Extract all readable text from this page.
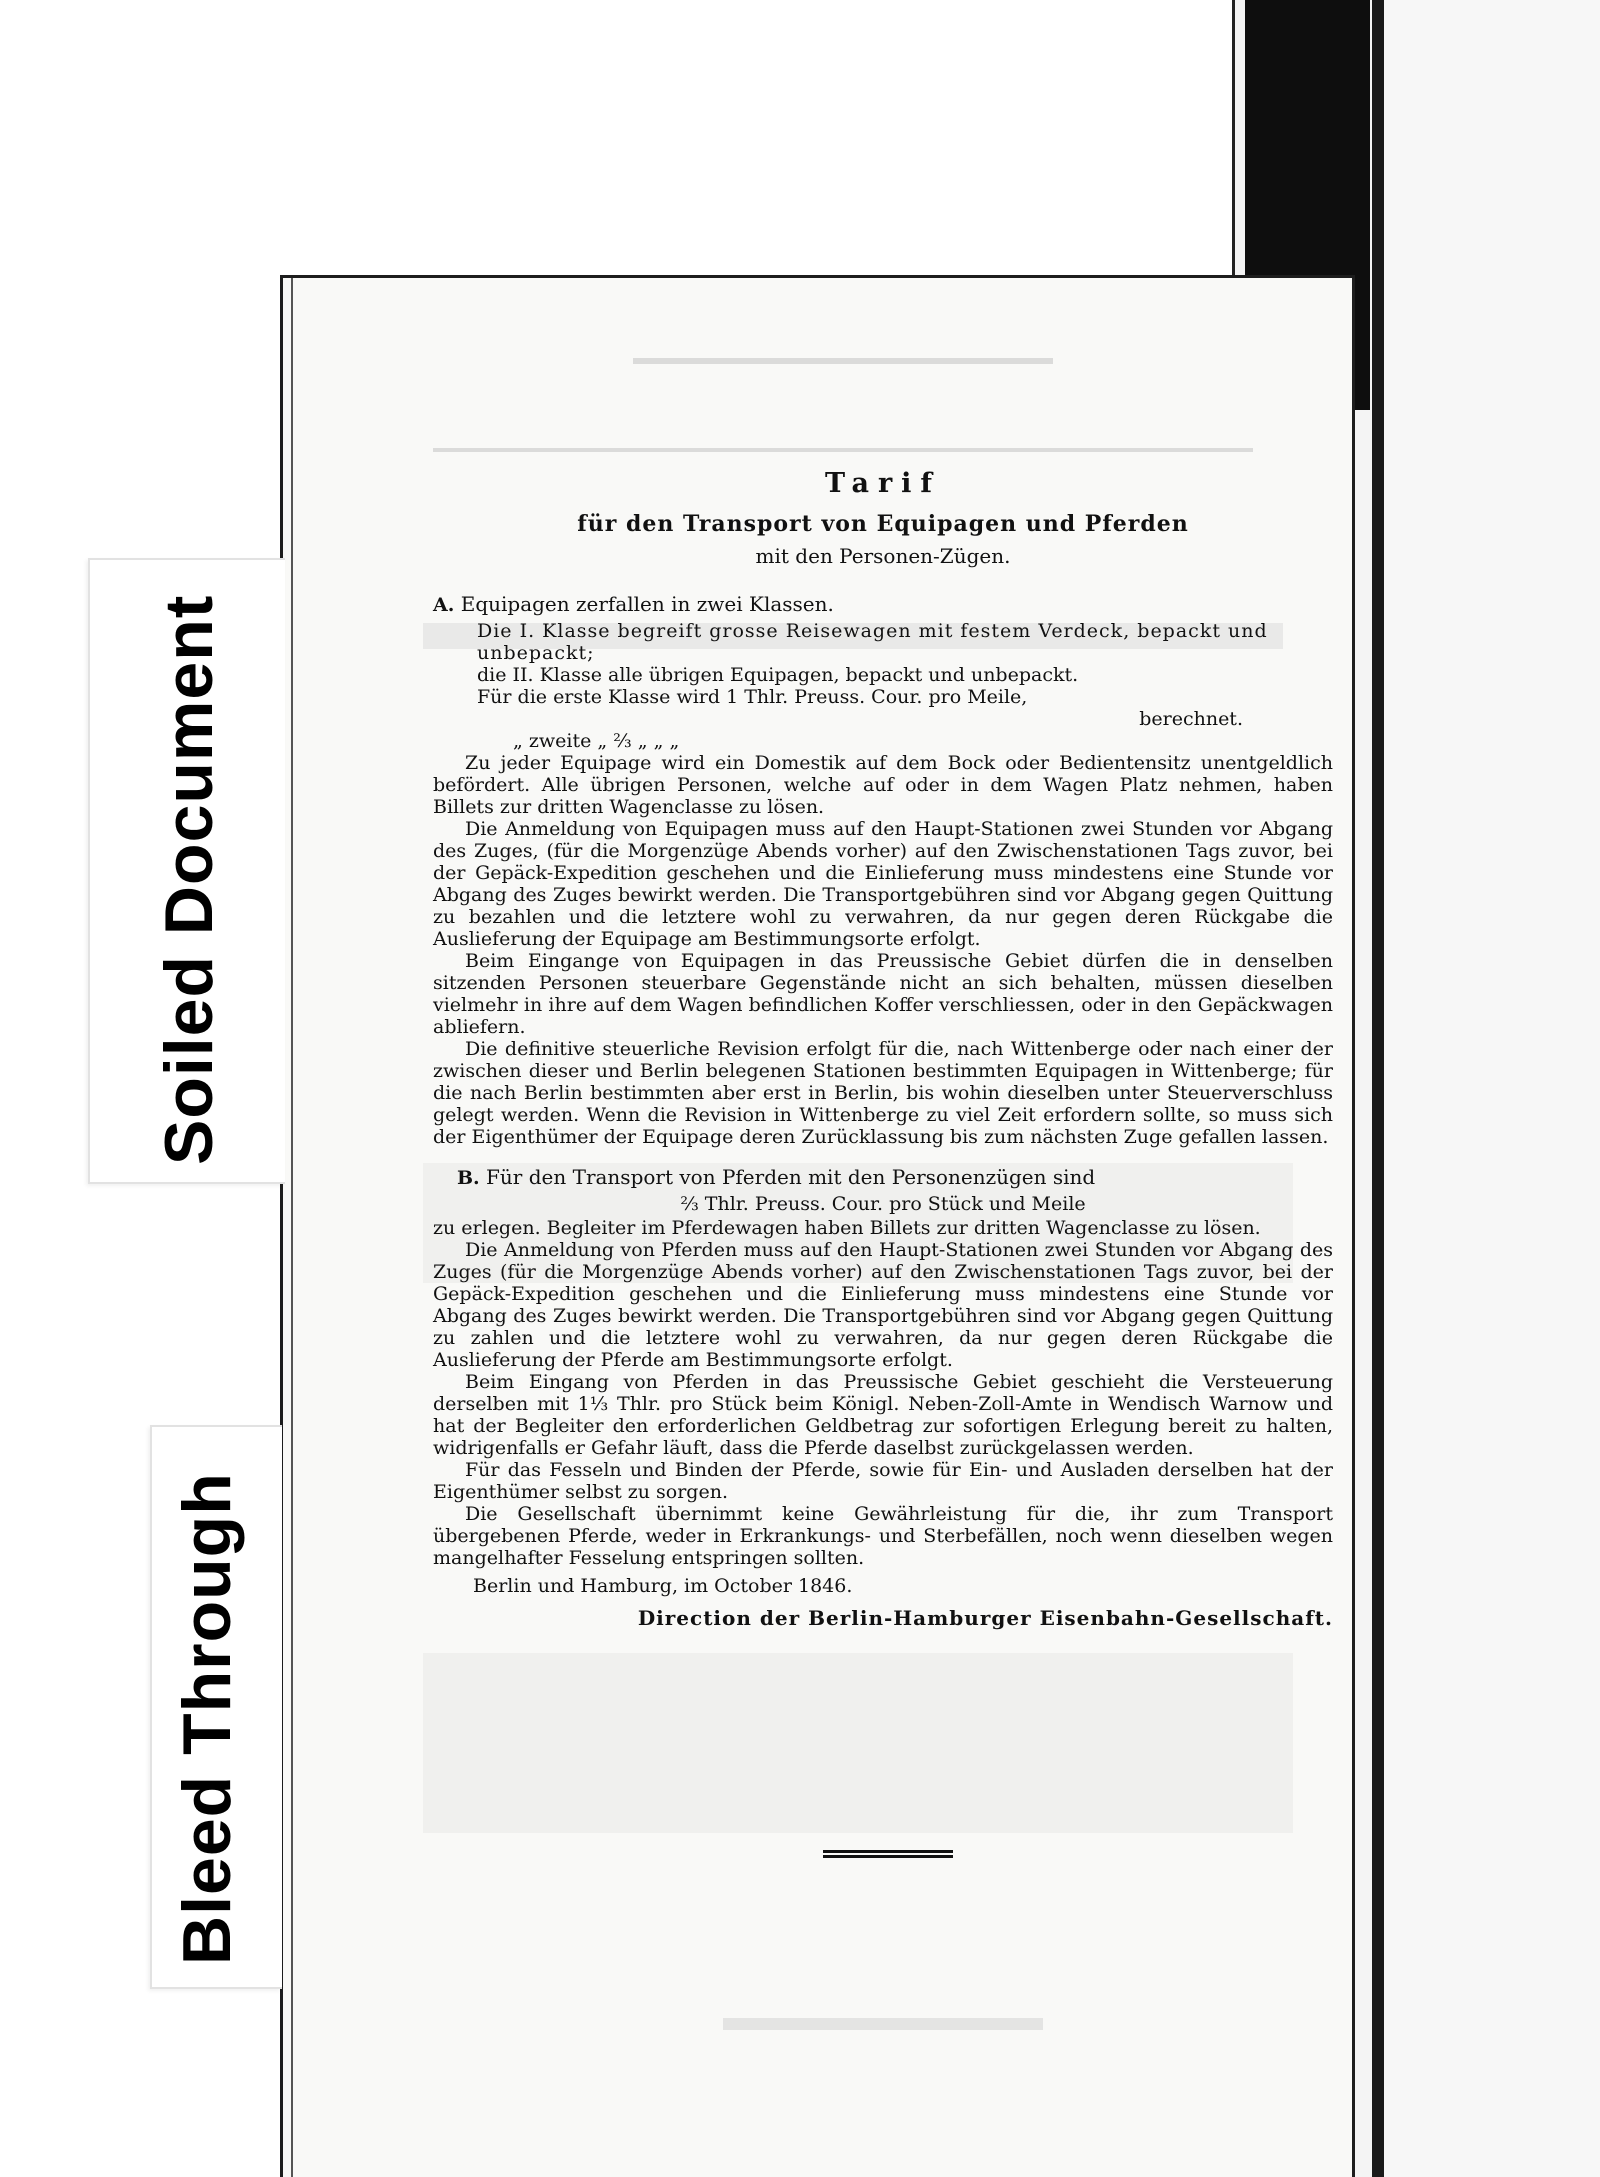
Tarif

für den Transport von Equipagen und Pferden

mit den Personen-Zügen.

A. Equipagen zerfallen in zwei Klassen.

Die I. Klasse begreift grosse Reisewagen mit festem Verdeck, bepackt und unbepackt;

die II. Klasse alle übrigen Equipagen, bepackt und unbepackt.

Für die erste Klasse wird 1 Thlr. Preuss. Cour. pro Meile,

berechnet.

„ zweite „ ⅔ „ „ „

Zu jeder Equipage wird ein Domestik auf dem Bock oder Bedientensitz unentgeldlich befördert. Alle übrigen Personen, welche auf oder in dem Wagen Platz nehmen, haben Billets zur dritten Wagenclasse zu lösen.

Die Anmeldung von Equipagen muss auf den Haupt-Stationen zwei Stunden vor Abgang des Zuges, (für die Morgenzüge Abends vorher) auf den Zwischenstationen Tags zuvor, bei der Gepäck-Expedition geschehen und die Einlieferung muss mindestens eine Stunde vor Abgang des Zuges bewirkt werden. Die Transportgebühren sind vor Abgang gegen Quittung zu bezahlen und die letztere wohl zu verwahren, da nur gegen deren Rückgabe die Auslieferung der Equipage am Bestimmungsorte erfolgt.

Beim Eingange von Equipagen in das Preussische Gebiet dürfen die in denselben sitzenden Personen steuerbare Gegenstände nicht an sich behalten, müssen dieselben vielmehr in ihre auf dem Wagen befindlichen Koffer verschliessen, oder in den Gepäckwagen abliefern.

Die definitive steuerliche Revision erfolgt für die, nach Wittenberge oder nach einer der zwischen dieser und Berlin belegenen Stationen bestimmten Equipagen in Wittenberge; für die nach Berlin bestimmten aber erst in Berlin, bis wohin dieselben unter Steuerverschluss gelegt werden. Wenn die Revision in Wittenberge zu viel Zeit erfordern sollte, so muss sich der Eigenthümer der Equipage deren Zurücklassung bis zum nächsten Zuge gefallen lassen.

B. Für den Transport von Pferden mit den Personenzügen sind

⅔ Thlr. Preuss. Cour. pro Stück und Meile

zu erlegen. Begleiter im Pferdewagen haben Billets zur dritten Wagenclasse zu lösen.

Die Anmeldung von Pferden muss auf den Haupt-Stationen zwei Stunden vor Abgang des Zuges (für die Morgenzüge Abends vorher) auf den Zwischenstationen Tags zuvor, bei der Gepäck-Expedition geschehen und die Einlieferung muss mindestens eine Stunde vor Abgang des Zuges bewirkt werden. Die Transportgebühren sind vor Abgang gegen Quittung zu zahlen und die letztere wohl zu verwahren, da nur gegen deren Rückgabe die Auslieferung der Pferde am Bestimmungsorte erfolgt.

Beim Eingang von Pferden in das Preussische Gebiet geschieht die Versteuerung derselben mit 1⅓ Thlr. pro Stück beim Königl. Neben-Zoll-Amte in Wendisch Warnow und hat der Begleiter den erforderlichen Geldbetrag zur sofortigen Erlegung bereit zu halten, widrigenfalls er Gefahr läuft, dass die Pferde daselbst zurückgelassen werden.

Für das Fesseln und Binden der Pferde, sowie für Ein- und Ausladen derselben hat der Eigenthümer selbst zu sorgen.

Die Gesellschaft übernimmt keine Gewährleistung für die, ihr zum Transport übergebenen Pferde, weder in Erkrankungs- und Sterbefällen, noch wenn dieselben wegen mangelhafter Fesselung entspringen sollten.

Berlin und Hamburg, im October 1846.

Direction der Berlin-Hamburger Eisenbahn-Gesellschaft.

Soiled Document
Bleed Through
